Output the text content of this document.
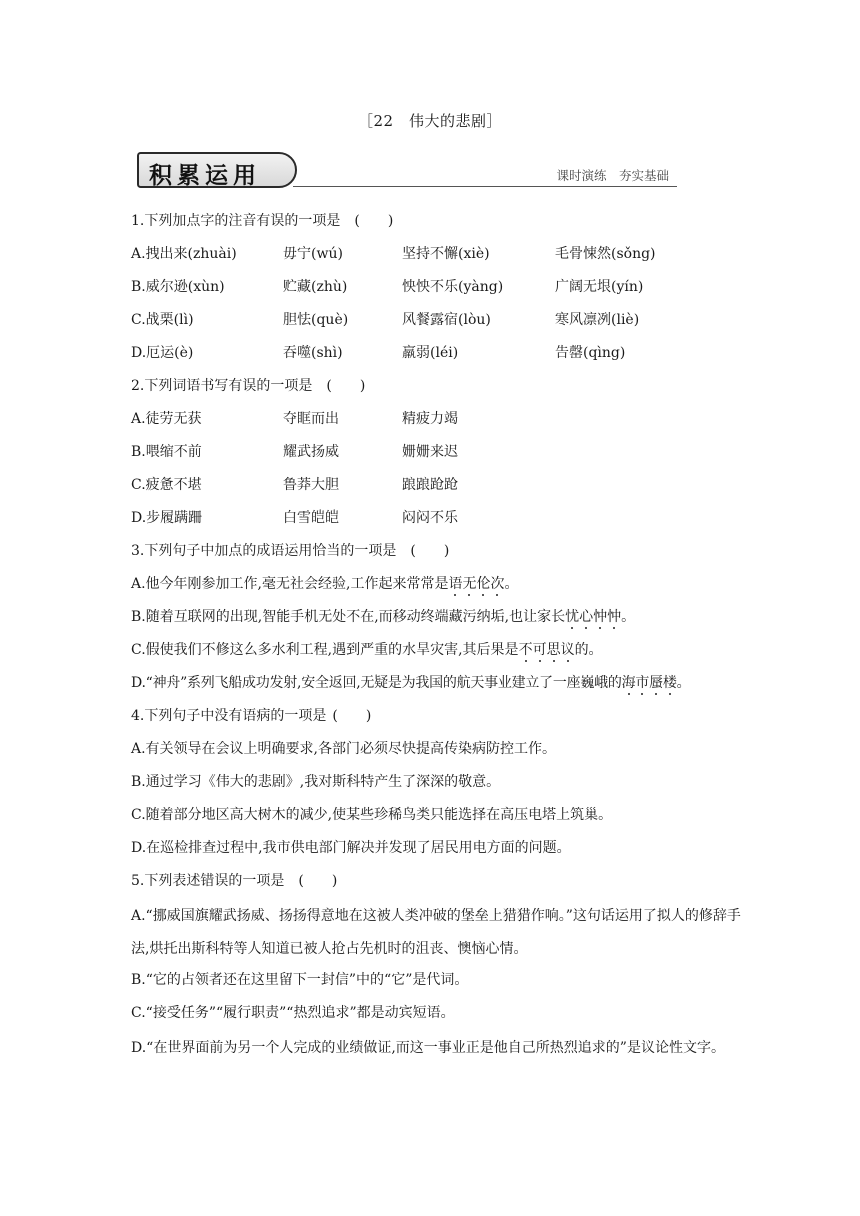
［22　伟大的悲剧］
积累运用	课时演练　夯实基础
1.下列加点字的注音有误的一项是 (　　)
A.拽出来(zhuài)	毋宁(wú)	坚持不懈(xiè)	毛骨悚然(sǒng)
B.威尔逊(xùn)	贮藏(zhù)	怏怏不乐(yàng)	广阔无垠(yín)
C.战栗(lì)	胆怯(què)	风餐露宿(lòu)	寒风凛冽(liè)
D.厄运(è)	吞噬(shì)	羸弱(léi)	告罄(qìng)
2.下列词语书写有误的一项是 (　　)
A.徒劳无获	夺眶而出	精疲力竭
B.喂缩不前	耀武扬威	姗姗来迟
C.疲惫不堪	鲁莽大胆	踉踉跄跄
D.步履蹒跚	白雪皑皑	闷闷不乐
3.下列句子中加点的成语运用恰当的一项是 (　　)
A.他今年刚参加工作,毫无社会经验,工作起来常常是语无伦次。
B.随着互联网的出现,智能手机无处不在,而移动终端藏污纳垢,也让家长忧心忡忡。
C.假使我们不修这么多水利工程,遇到严重的水旱灾害,其后果是不可思议的。
D.“神舟”系列飞船成功发射,安全返回,无疑是为我国的航天事业建立了一座巍峨的海市蜃楼。
4.下列句子中没有语病的一项是 (　　)
A.有关领导在会议上明确要求,各部门必须尽快提高传染病防控工作。
B.通过学习《伟大的悲剧》,我对斯科特产生了深深的敬意。
C.随着部分地区高大树木的减少,使某些珍稀鸟类只能选择在高压电塔上筑巢。
D.在巡检排查过程中,我市供电部门解决并发现了居民用电方面的问题。
5.下列表述错误的一项是 (　　)
A.“挪威国旗耀武扬威、扬扬得意地在这被人类冲破的堡垒上猎猎作响。”这句话运用了拟人的修辞手法,烘托出斯科特等人知道已被人抢占先机时的沮丧、懊恼心情。
B.“它的占领者还在这里留下一封信”中的“它”是代词。
C.“接受任务”“履行职责”“热烈追求”都是动宾短语。
D.“在世界面前为另一个人完成的业绩做证,而这一事业正是他自己所热烈追求的”是议论性文字。
